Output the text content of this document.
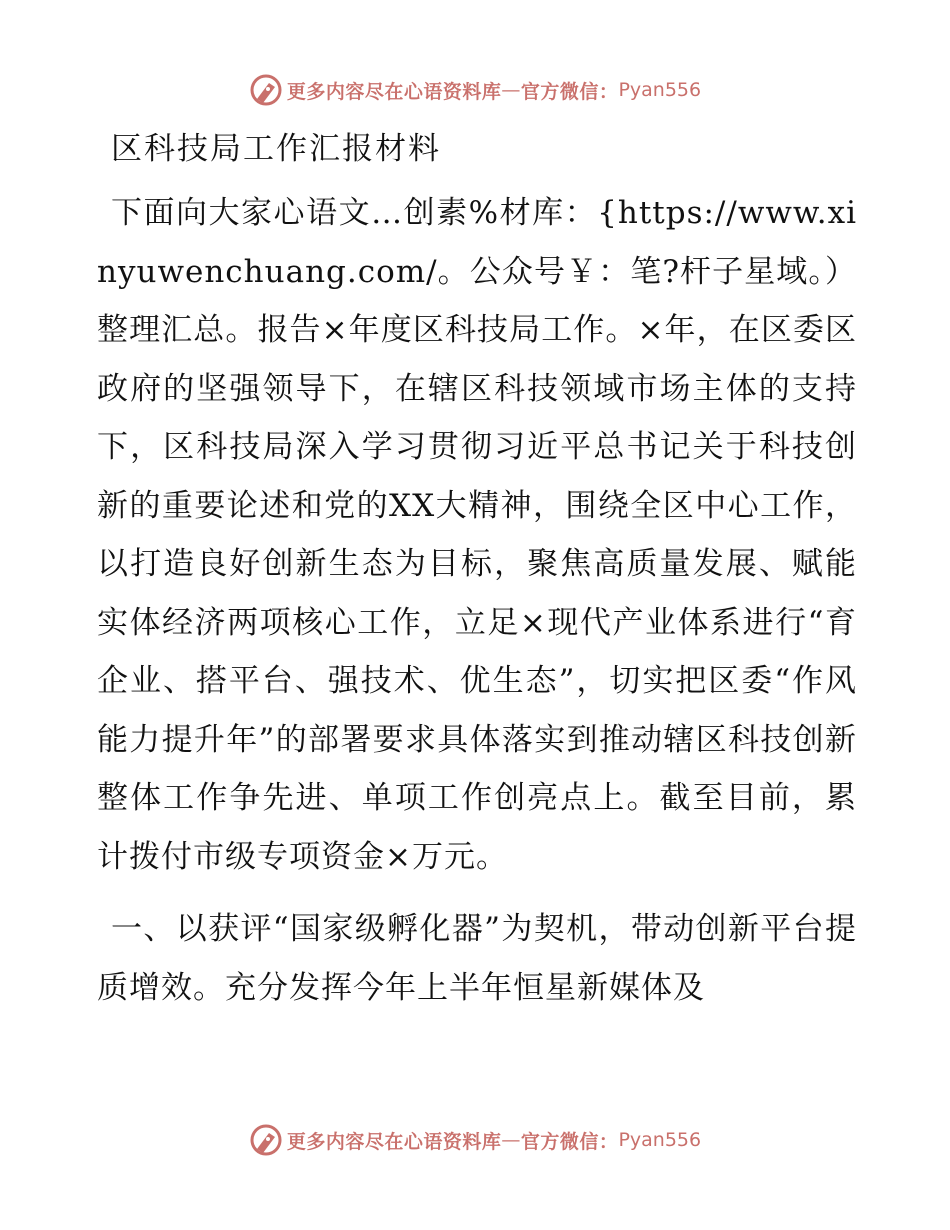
更多内容尽在心语资料库 — 官方微信： Pyan556
区科技局工作汇报材料

下面向大家心语文…创素%材库：{https://www.xinyuwenchuang.com/。公众号￥：笔?杆子星域。）整理汇总。报告×年度区科技局工作。×年，在区委区政府的坚强领导下，在辖区科技领域市场主体的支持下，区科技局深入学习贯彻习近平总书记关于科技创新的重要论述和党的XX大精神，围绕全区中心工作，以打造良好创新生态为目标，聚焦高质量发展、赋能实体经济两项核心工作，立足×现代产业体系进行“育企业、搭平台、强技术、优生态”，切实把区委“作风能力提升年”的部署要求具体落实到推动辖区科技创新整体工作争先进、单项工作创亮点上。截至目前，累计拨付市级专项资金×万元。

一、以获评“国家级孵化器”为契机，带动创新平台提质增效。充分发挥今年上半年恒星新媒体及

更多内容尽在心语资料库 — 官方微信： Pyan556
